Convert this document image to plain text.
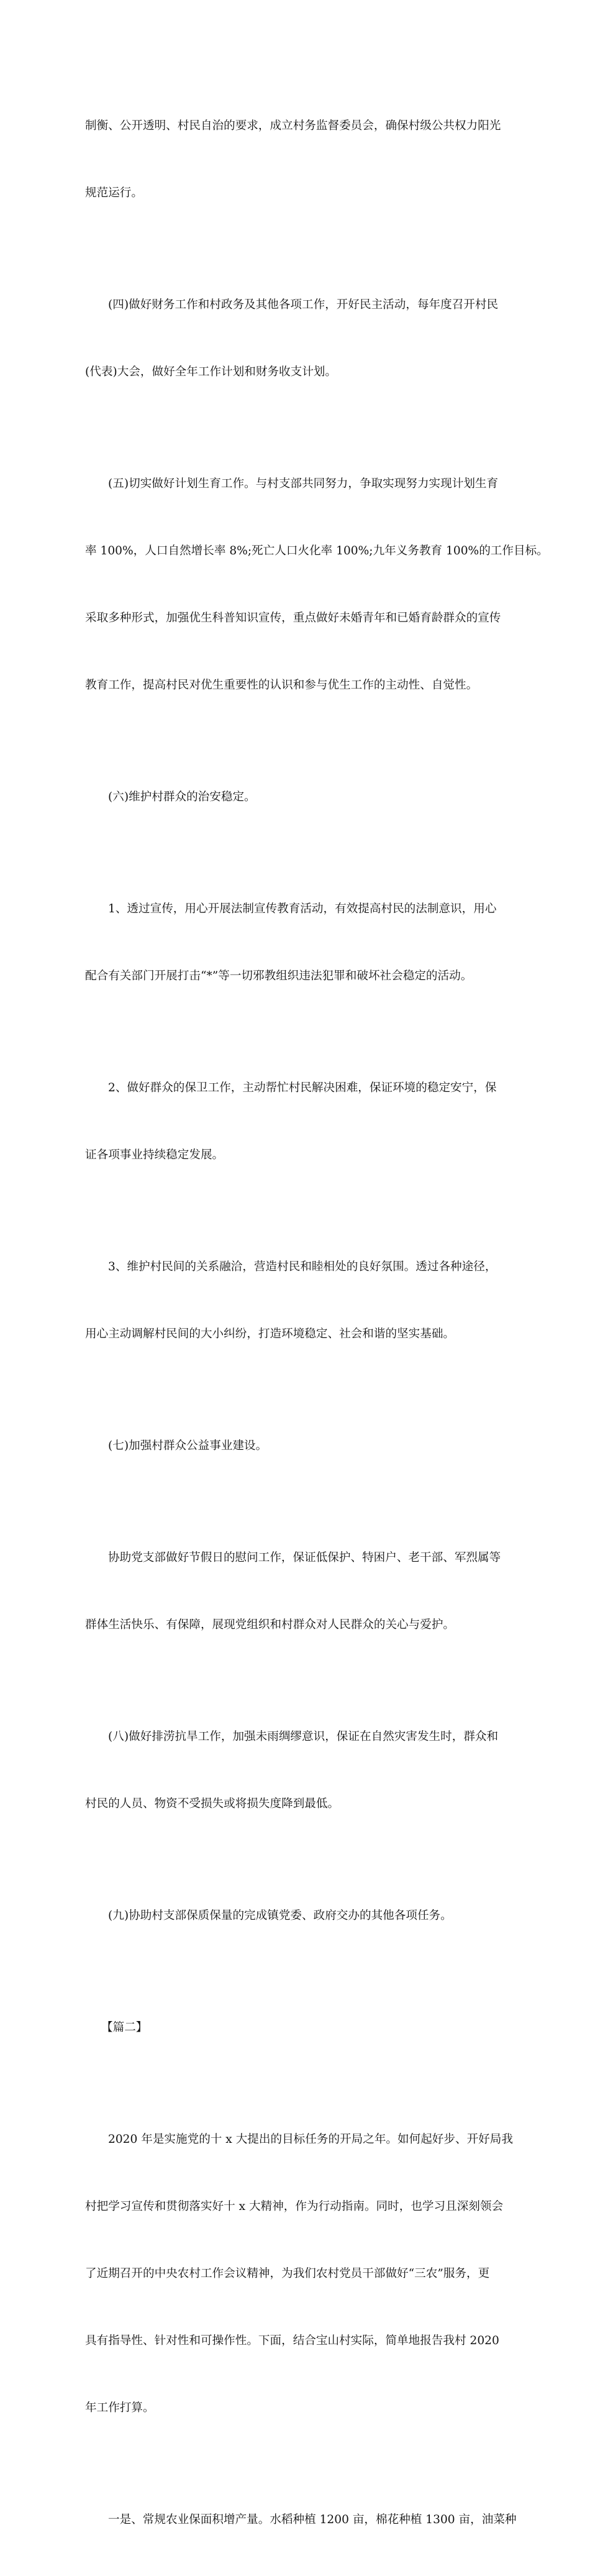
制衡、公开透明、村民自治的要求，成立村务监督委员会，确保村级公共权力阳光

规范运行。

(四)做好财务工作和村政务及其他各项工作，开好民主活动，每年度召开村民

(代表)大会，做好全年工作计划和财务收支计划。

(五)切实做好计划生育工作。与村支部共同努力，争取实现努力实现计划生育

率 100%，人口自然增长率 8%;死亡人口火化率 100%;九年义务教育 100%的工作目标。

采取多种形式，加强优生科普知识宣传，重点做好未婚青年和已婚育龄群众的宣传

教育工作，提高村民对优生重要性的认识和参与优生工作的主动性、自觉性。

(六)维护村群众的治安稳定。

1、透过宣传，用心开展法制宣传教育活动，有效提高村民的法制意识，用心

配合有关部门开展打击“*”等一切邪教组织违法犯罪和破坏社会稳定的活动。

2、做好群众的保卫工作，主动帮忙村民解决困难，保证环境的稳定安宁，保

证各项事业持续稳定发展。

3、维护村民间的关系融洽，营造村民和睦相处的良好氛围。透过各种途径，

用心主动调解村民间的大小纠纷，打造环境稳定、社会和谐的坚实基础。

(七)加强村群众公益事业建设。

协助党支部做好节假日的慰问工作，保证低保护、特困户、老干部、军烈属等

群体生活快乐、有保障，展现党组织和村群众对人民群众的关心与爱护。

(八)做好排涝抗旱工作，加强未雨绸缪意识，保证在自然灾害发生时，群众和

村民的人员、物资不受损失或将损失度降到最低。

(九)协助村支部保质保量的完成镇党委、政府交办的其他各项任务。

【篇二】

2020 年是实施党的十 x 大提出的目标任务的开局之年。如何起好步、开好局我

村把学习宣传和贯彻落实好十 x 大精神，作为行动指南。同时，也学习且深刻领会

了近期召开的中央农村工作会议精神，为我们农村党员干部做好“三农”服务，更

具有指导性、针对性和可操作性。下面，结合宝山村实际，简单地报告我村 2020

年工作打算。

一是、常规农业保面积增产量。水稻种植 1200 亩，棉花种植 1300 亩，油菜种
